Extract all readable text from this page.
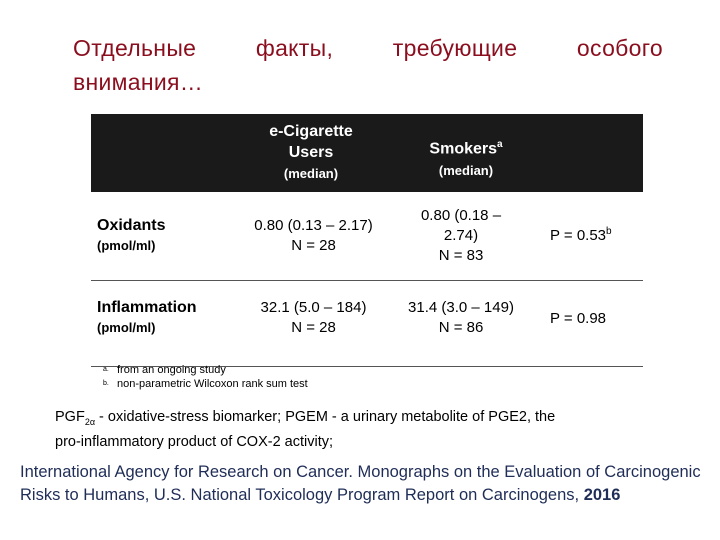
Отдельные факты, требующие особого
внимания…
e-Cigarette
Users
(median)
Smokers$^a$
(median)
Oxidants
(pmol/ml)
0.80 (0.13 – 2.17)
N = 28
0.80 (0.18 –
2.74)
N = 83
P = 0.53$^b$
Inflammation
(pmol/ml)
32.1 (5.0 – 184)
N = 28
31.4 (3.0 – 149)
N = 86
P = 0.98
a. from an ongoing study
b. non-parametric Wilcoxon rank sum test
$PGF_{2\alpha}$ - oxidative-stress biomarker; PGEM - a urinary metabolite of PGE2, the
pro-inflammatory product of COX-2 activity;
International Agency for Research on Cancer. Monographs on the Evaluation of Carcinogenic Risks to Humans, U.S. National Toxicology Program Report on Carcinogens, 2016
